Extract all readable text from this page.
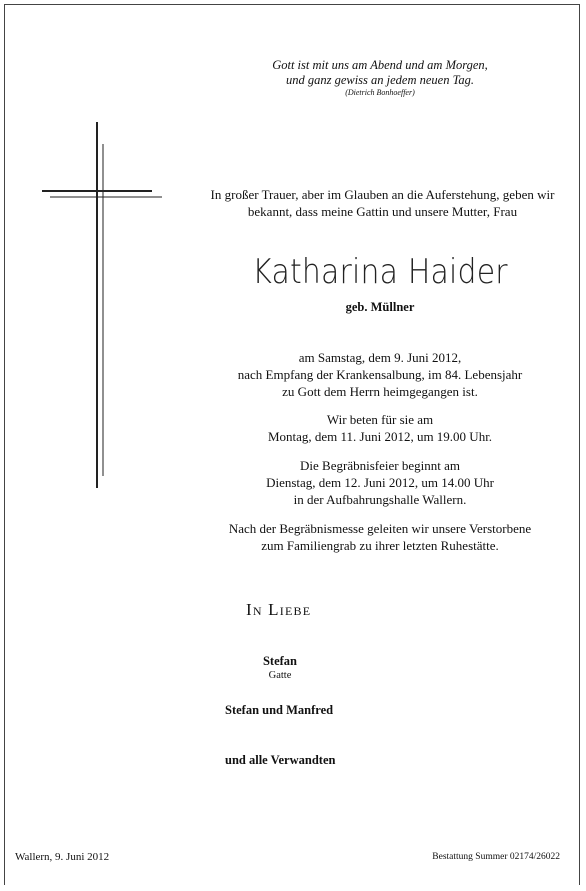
Gott ist mit uns am Abend und am Morgen,
und ganz gewiss an jedem neuen Tag.
(Dietrich Bonhoeffer)
In großer Trauer, aber im Glauben an die Auferstehung, geben wir
bekannt, dass meine Gattin und unsere Mutter, Frau
Katharina Haider
geb. Müllner
am Samstag, dem 9. Juni 2012,
nach Empfang der Krankensalbung, im 84. Lebensjahr
zu Gott dem Herrn heimgegangen ist.
Wir beten für sie am
Montag, dem 11. Juni 2012, um 19.00 Uhr.
Die Begräbnisfeier beginnt am
Dienstag, dem 12. Juni 2012, um 14.00 Uhr
in der Aufbahrungshalle Wallern.
Nach der Begräbnismesse geleiten wir unsere Verstorbene
zum Familiengrab zu ihrer letzten Ruhestätte.
In Liebe
Stefan
Gatte
Stefan und Manfred
und alle Verwandten
Wallern, 9. Juni 2012	Bestattung Summer 02174/26022
